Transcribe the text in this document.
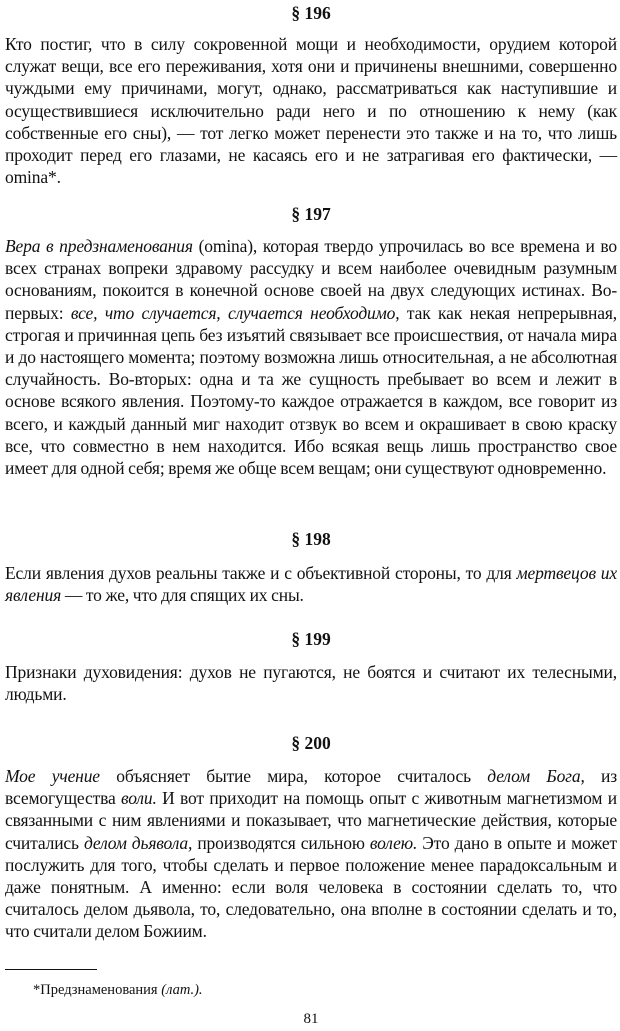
§ 196

Кто постиг, что в силу сокровенной мощи и необходимости, орудием которой служат вещи, все его переживания, хотя они и причинены внешними, совершенно чуждыми ему причинами, могут, однако, рассматриваться как наступившие и осуществившиеся исключительно ради него и по отношению к нему (как собственные его сны), — тот легко может перенести это также и на то, что лишь проходит перед его глазами, не касаясь его и не затрагивая его фактически, — omina*.

§ 197

Вера в предзнаменования (omina), которая твердо упрочилась во все времена и во всех странах вопреки здравому рассудку и всем наиболее очевидным разумным основаниям, покоится в конечной основе своей на двух следующих истинах. Во-первых: все, что случается, случается необходимо, так как некая непрерывная, строгая и причинная цепь без изъятий связывает все происшествия, от начала мира и до настоящего момента; поэтому возможна лишь относительная, а не абсолютная случайность. Во-вторых: одна и та же сущность пребывает во всем и лежит в основе всякого явления. Поэтому-то каждое отражается в каждом, все говорит из всего, и каждый данный миг находит отзвук во всем и окрашивает в свою краску все, что совместно в нем находится. Ибо всякая вещь лишь пространство свое имеет для одной себя; время же обще всем вещам; они существуют одновременно.

§ 198

Если явления духов реальны также и с объективной стороны, то для мертвецов их явления — то же, что для спящих их сны.

§ 199

Признаки духовидения: духов не пугаются, не боятся и считают их телесными, людьми.

§ 200

Мое учение объясняет бытие мира, которое считалось делом Бога, из всемогущества воли. И вот приходит на помощь опыт с животным магнетизмом и связанными с ним явлениями и показывает, что магнетические действия, которые считались делом дьявола, производятся сильною волею. Это дано в опыте и может послужить для того, чтобы сделать и первое положение менее парадоксальным и даже понятным. А именно: если воля человека в состоянии сделать то, что считалось делом дьявола, то, следовательно, она вполне в состоянии сделать и то, что считали делом Божиим.

*Предзнаменования (лат.).
81
